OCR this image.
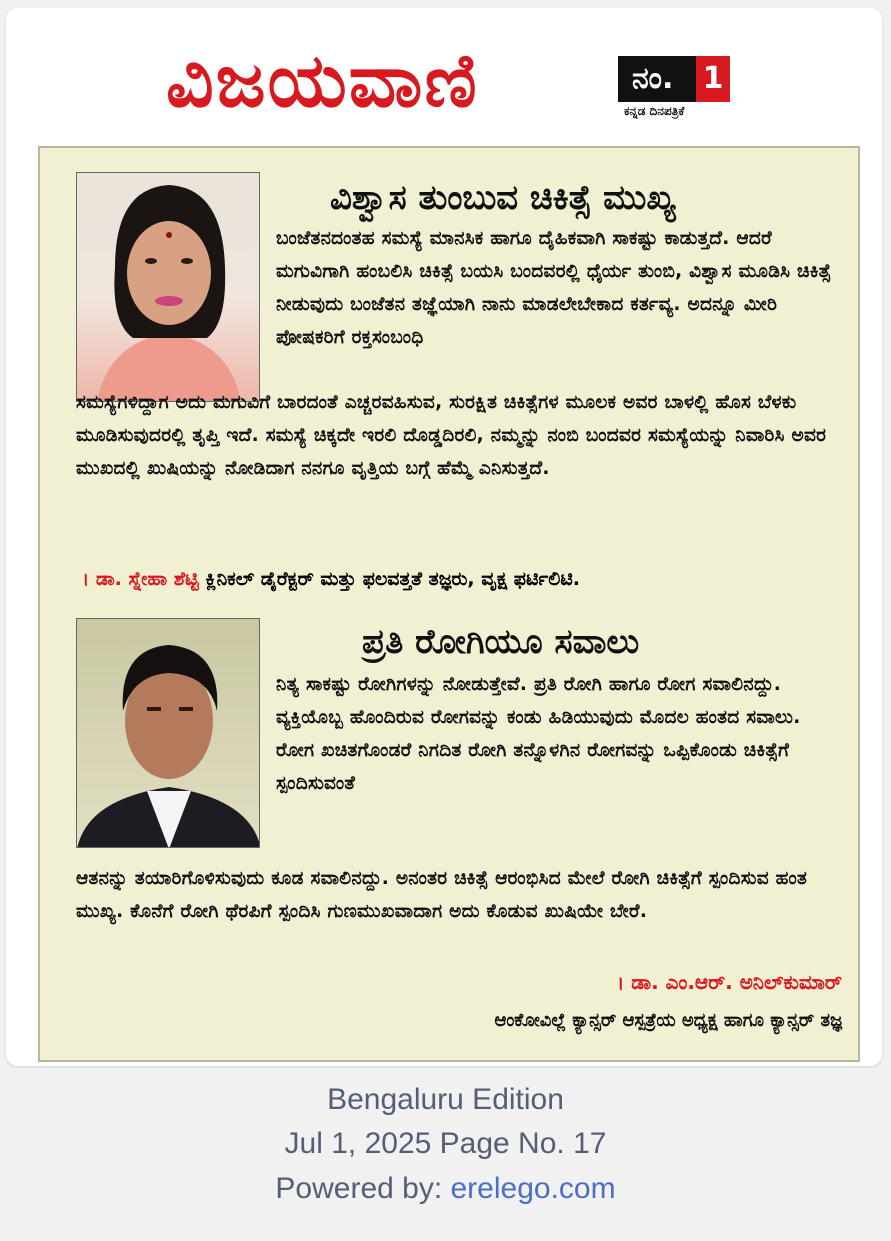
ವಿಜಯವಾಣಿ	ನಂ. 1
ಕನ್ನಡ ದಿನಪತ್ರಿಕೆ
ವಿಶ್ವಾಸ ತುಂಬುವ ಚಿಕಿತ್ಸೆ ಮುಖ್ಯ
ಬಂಜೆತನದಂತಹ ಸಮಸ್ಯೆ ಮಾನಸಿಕ ಹಾಗೂ ದೈಹಿಕವಾಗಿ ಸಾಕಷ್ಟು ಕಾಡುತ್ತದೆ. ಆದರೆ ಮಗುವಿಗಾಗಿ ಹಂಬಲಿಸಿ ಚಿಕಿತ್ಸೆ ಬಯಸಿ ಬಂದವರಲ್ಲಿ ಧೈರ್ಯ ತುಂಬಿ, ವಿಶ್ವಾಸ ಮೂಡಿಸಿ ಚಿಕಿತ್ಸೆ ನೀಡುವುದು ಬಂಜೆತನ ತಜ್ಞೆಯಾಗಿ ನಾನು ಮಾಡಲೇಬೇಕಾದ ಕರ್ತವ್ಯ. ಅದನ್ನೂ ಮೀರಿ ಪೋಷಕರಿಗೆ ರಕ್ತಸಂಬಂಧಿ
ಸಮಸ್ಯೆಗಳಿದ್ದಾಗ ಅದು ಮಗುವಿಗೆ ಬಾರದಂತೆ ಎಚ್ಚರವಹಿಸುವ, ಸುರಕ್ಷಿತ ಚಿಕಿತ್ಸೆಗಳ ಮೂಲಕ ಅವರ ಬಾಳಲ್ಲಿ ಹೊಸ ಬೆಳಕು ಮೂಡಿಸುವುದರಲ್ಲಿ ತೃಪ್ತಿ ಇದೆ. ಸಮಸ್ಯೆ ಚಿಕ್ಕದೇ ಇರಲಿ ದೊಡ್ಡದಿರಲಿ, ನಮ್ಮನ್ನು ನಂಬಿ ಬಂದವರ ಸಮಸ್ಯೆಯನ್ನು ನಿವಾರಿಸಿ ಅವರ ಮುಖದಲ್ಲಿ ಖುಷಿಯನ್ನು ನೋಡಿದಾಗ ನನಗೂ ವೃತ್ತಿಯ ಬಗ್ಗೆ ಹೆಮ್ಮೆ ಎನಿಸುತ್ತದೆ.
। ಡಾ. ಸ್ನೇಹಾ ಶೆಟ್ಟಿ ಕ್ಲಿನಿಕಲ್ ಡೈರೆಕ್ಟರ್ ಮತ್ತು ಫಲವತ್ತತೆ ತಜ್ಞರು, ವೃಕ್ಷ ಫರ್ಟಿಲಿಟಿ.
ಪ್ರತಿ ರೋಗಿಯೂ ಸವಾಲು
ನಿತ್ಯ ಸಾಕಷ್ಟು ರೋಗಿಗಳನ್ನು ನೋಡುತ್ತೇವೆ. ಪ್ರತಿ ರೋಗಿ ಹಾಗೂ ರೋಗ ಸವಾಲಿನದ್ದು. ವ್ಯಕ್ತಿಯೊಬ್ಬ ಹೊಂದಿರುವ ರೋಗವನ್ನು ಕಂಡು ಹಿಡಿಯುವುದು ಮೊದಲ ಹಂತದ ಸವಾಲು. ರೋಗ ಖಚಿತಗೊಂಡರೆ ನಿಗದಿತ ರೋಗಿ ತನ್ನೊಳಗಿನ ರೋಗವನ್ನು ಒಪ್ಪಿಕೊಂಡು ಚಿಕಿತ್ಸೆಗೆ ಸ್ಪಂದಿಸುವಂತೆ
ಆತನನ್ನು ತಯಾರಿಗೊಳಿಸುವುದು ಕೂಡ ಸವಾಲಿನದ್ದು. ಅನಂತರ ಚಿಕಿತ್ಸೆ ಆರಂಭಿಸಿದ ಮೇಲೆ ರೋಗಿ ಚಿಕಿತ್ಸೆಗೆ ಸ್ಪಂದಿಸುವ ಹಂತ ಮುಖ್ಯ. ಕೊನೆಗೆ ರೋಗಿ ಥೆರಪಿಗೆ ಸ್ಪಂದಿಸಿ ಗುಣಮುಖವಾದಾಗ ಅದು ಕೊಡುವ ಖುಷಿಯೇ ಬೇರೆ.
। ಡಾ. ಎಂ.ಆರ್. ಅನಿಲ್‌ಕುಮಾರ್
ಆಂಕೋವಿಲ್ಲೆ ಕ್ಯಾನ್ಸರ್ ಆಸ್ಪತ್ರೆಯ ಅಧ್ಯಕ್ಷ ಹಾಗೂ ಕ್ಯಾನ್ಸರ್ ತಜ್ಞ
Bengaluru Edition
Jul 1, 2025 Page No. 17
Powered by: erelego.com
